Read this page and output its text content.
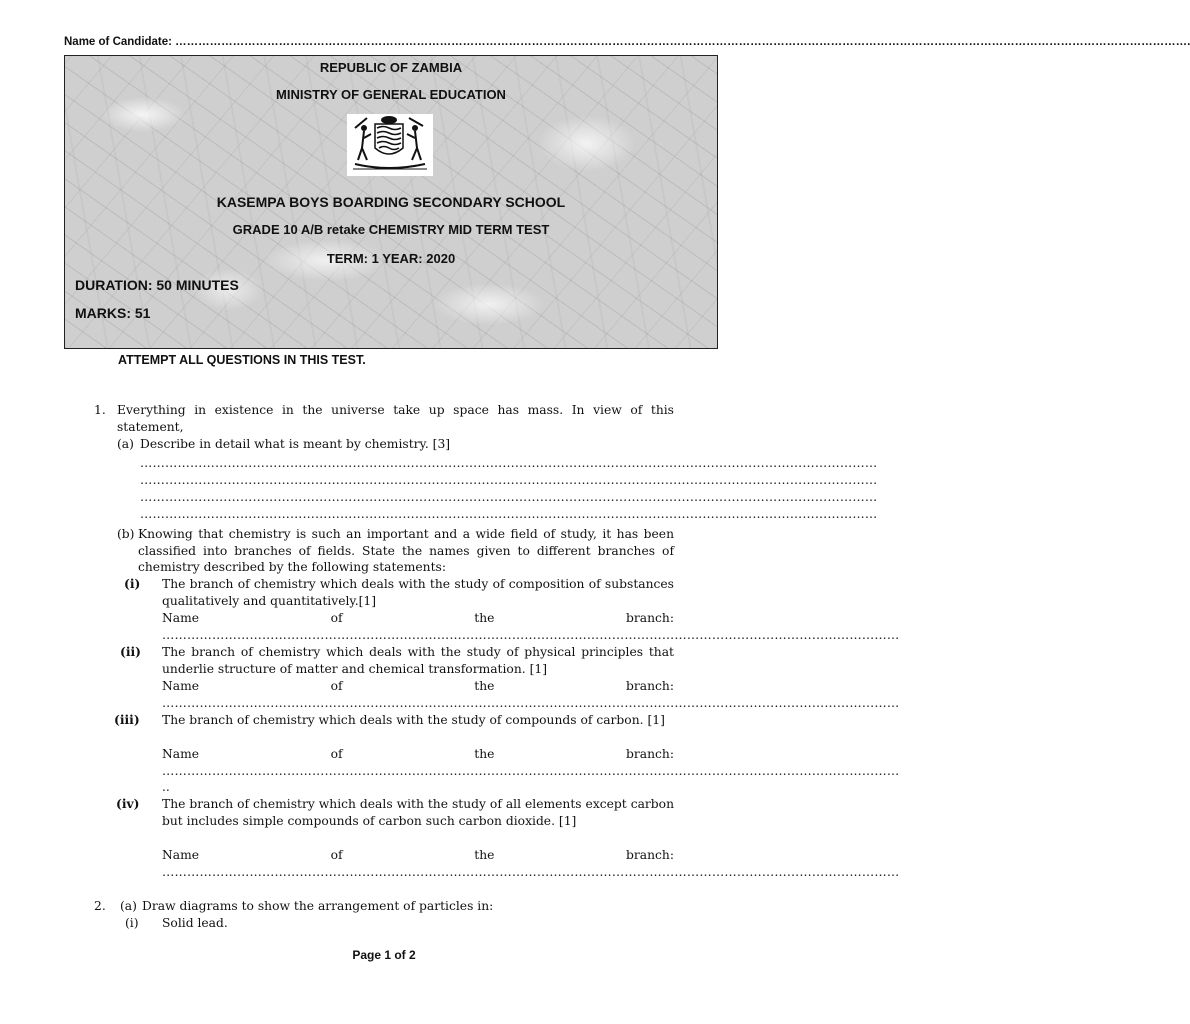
Name of Candidate: ………………………………………………………………………………………………………………………………………………………………………………………………………………………………………….
REPUBLIC OF ZAMBIA
MINISTRY OF GENERAL EDUCATION
KASEMPA BOYS BOARDING SECONDARY SCHOOL
GRADE 10 A/B retake CHEMISTRY MID TERM TEST
TERM: 1 YEAR: 2020
DURATION: 50 MINUTES
MARKS: 51
ATTEMPT ALL QUESTIONS IN THIS TEST.
1. Everything in existence in the universe take up space has mass. In view of this statement,
(a) Describe in detail what is meant by chemistry. [3]
……………………………………………………………………………………………………………………………………………………………
……………………………………………………………………………………………………………………………………………………………
……………………………………………………………………………………………………………………………………………………………
……………………………………………………………………………………………………………………………………………………………
(b) Knowing that chemistry is such an important and a wide field of study, it has been classified into branches of fields. State the names given to different branches of chemistry described by the following statements:
(i) The branch of chemistry which deals with the study of composition of substances qualitatively and quantitatively.[1]
Name	of	the	branch:
……………………………………………………………………………………………………………………………………………………………
(ii) The branch of chemistry which deals with the study of physical principles that underlie structure of matter and chemical transformation. [1]
Name	of	the	branch:
……………………………………………………………………………………………………………………………………………………………
(iii) The branch of chemistry which deals with the study of compounds of carbon. [1]
Name	of	the	branch:
……………………………………………………………………………………………………………………………………………………………
..
(iv) The branch of chemistry which deals with the study of all elements except carbon but includes simple compounds of carbon such carbon dioxide. [1]
Name	of	the	branch:
……………………………………………………………………………………………………………………………………………………………
2. (a) Draw diagrams to show the arrangement of particles in:
(i) Solid lead.
Page 1 of 2
